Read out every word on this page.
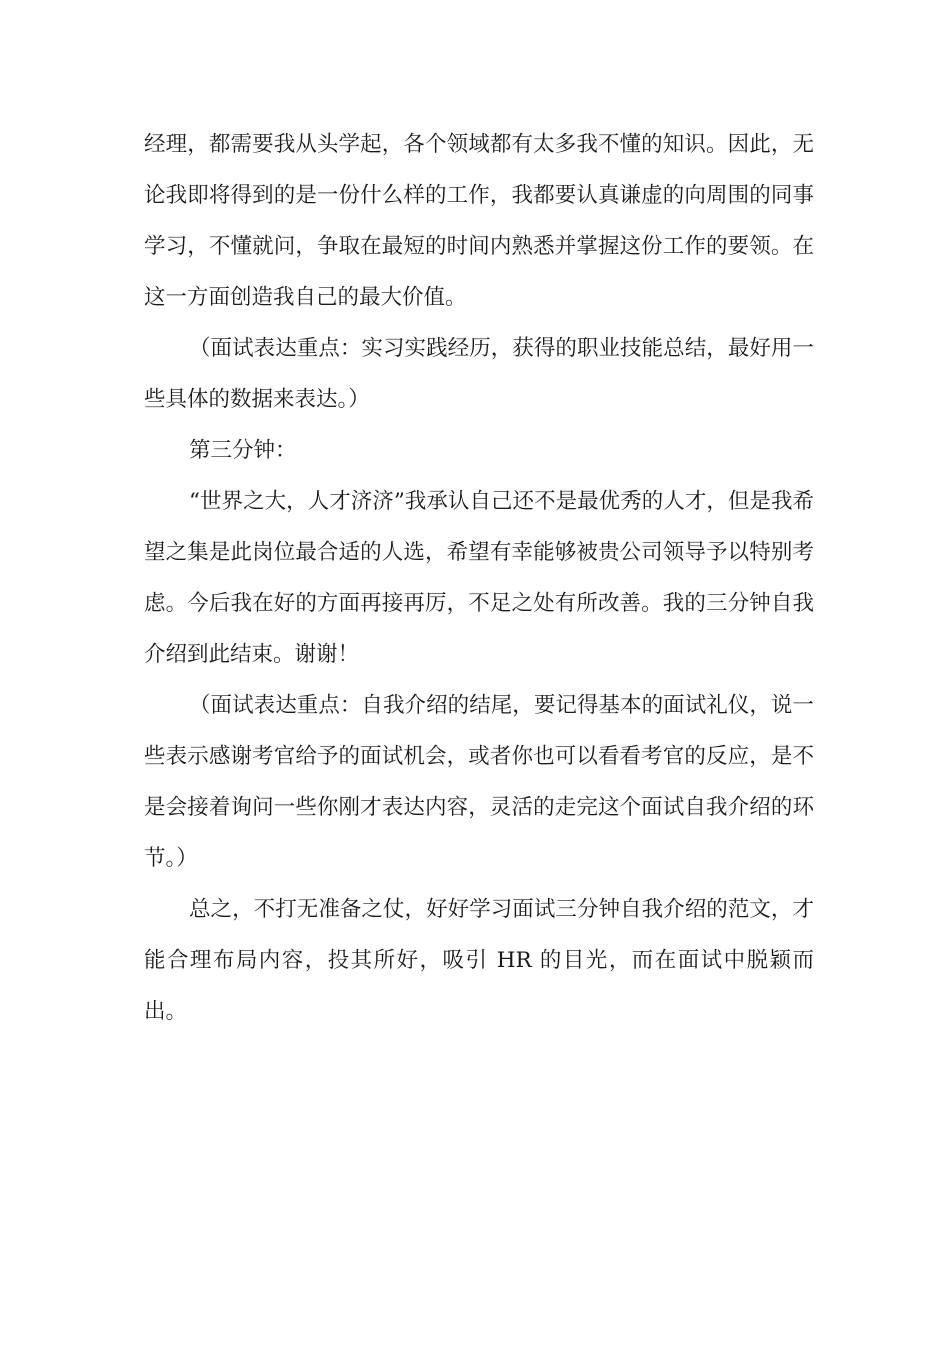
经理，都需要我从头学起，各个领域都有太多我不懂的知识。因此，无论我即将得到的是一份什么样的工作，我都要认真谦虚的向周围的同事学习，不懂就问，争取在最短的时间内熟悉并掌握这份工作的要领。在这一方面创造我自己的最大价值。

（面试表达重点：实习实践经历，获得的职业技能总结，最好用一些具体的数据来表达。）

第三分钟：

“世界之大，人才济济”我承认自己还不是最优秀的人才，但是我希望之集是此岗位最合适的人选，希望有幸能够被贵公司领导予以特别考虑。今后我在好的方面再接再厉，不足之处有所改善。我的三分钟自我介绍到此结束。谢谢！

（面试表达重点：自我介绍的结尾，要记得基本的面试礼仪，说一些表示感谢考官给予的面试机会，或者你也可以看看考官的反应，是不是会接着询问一些你刚才表达内容，灵活的走完这个面试自我介绍的环节。）

总之，不打无准备之仗，好好学习面试三分钟自我介绍的范文，才能合理布局内容，投其所好，吸引 HR 的目光，而在面试中脱颖而出。
